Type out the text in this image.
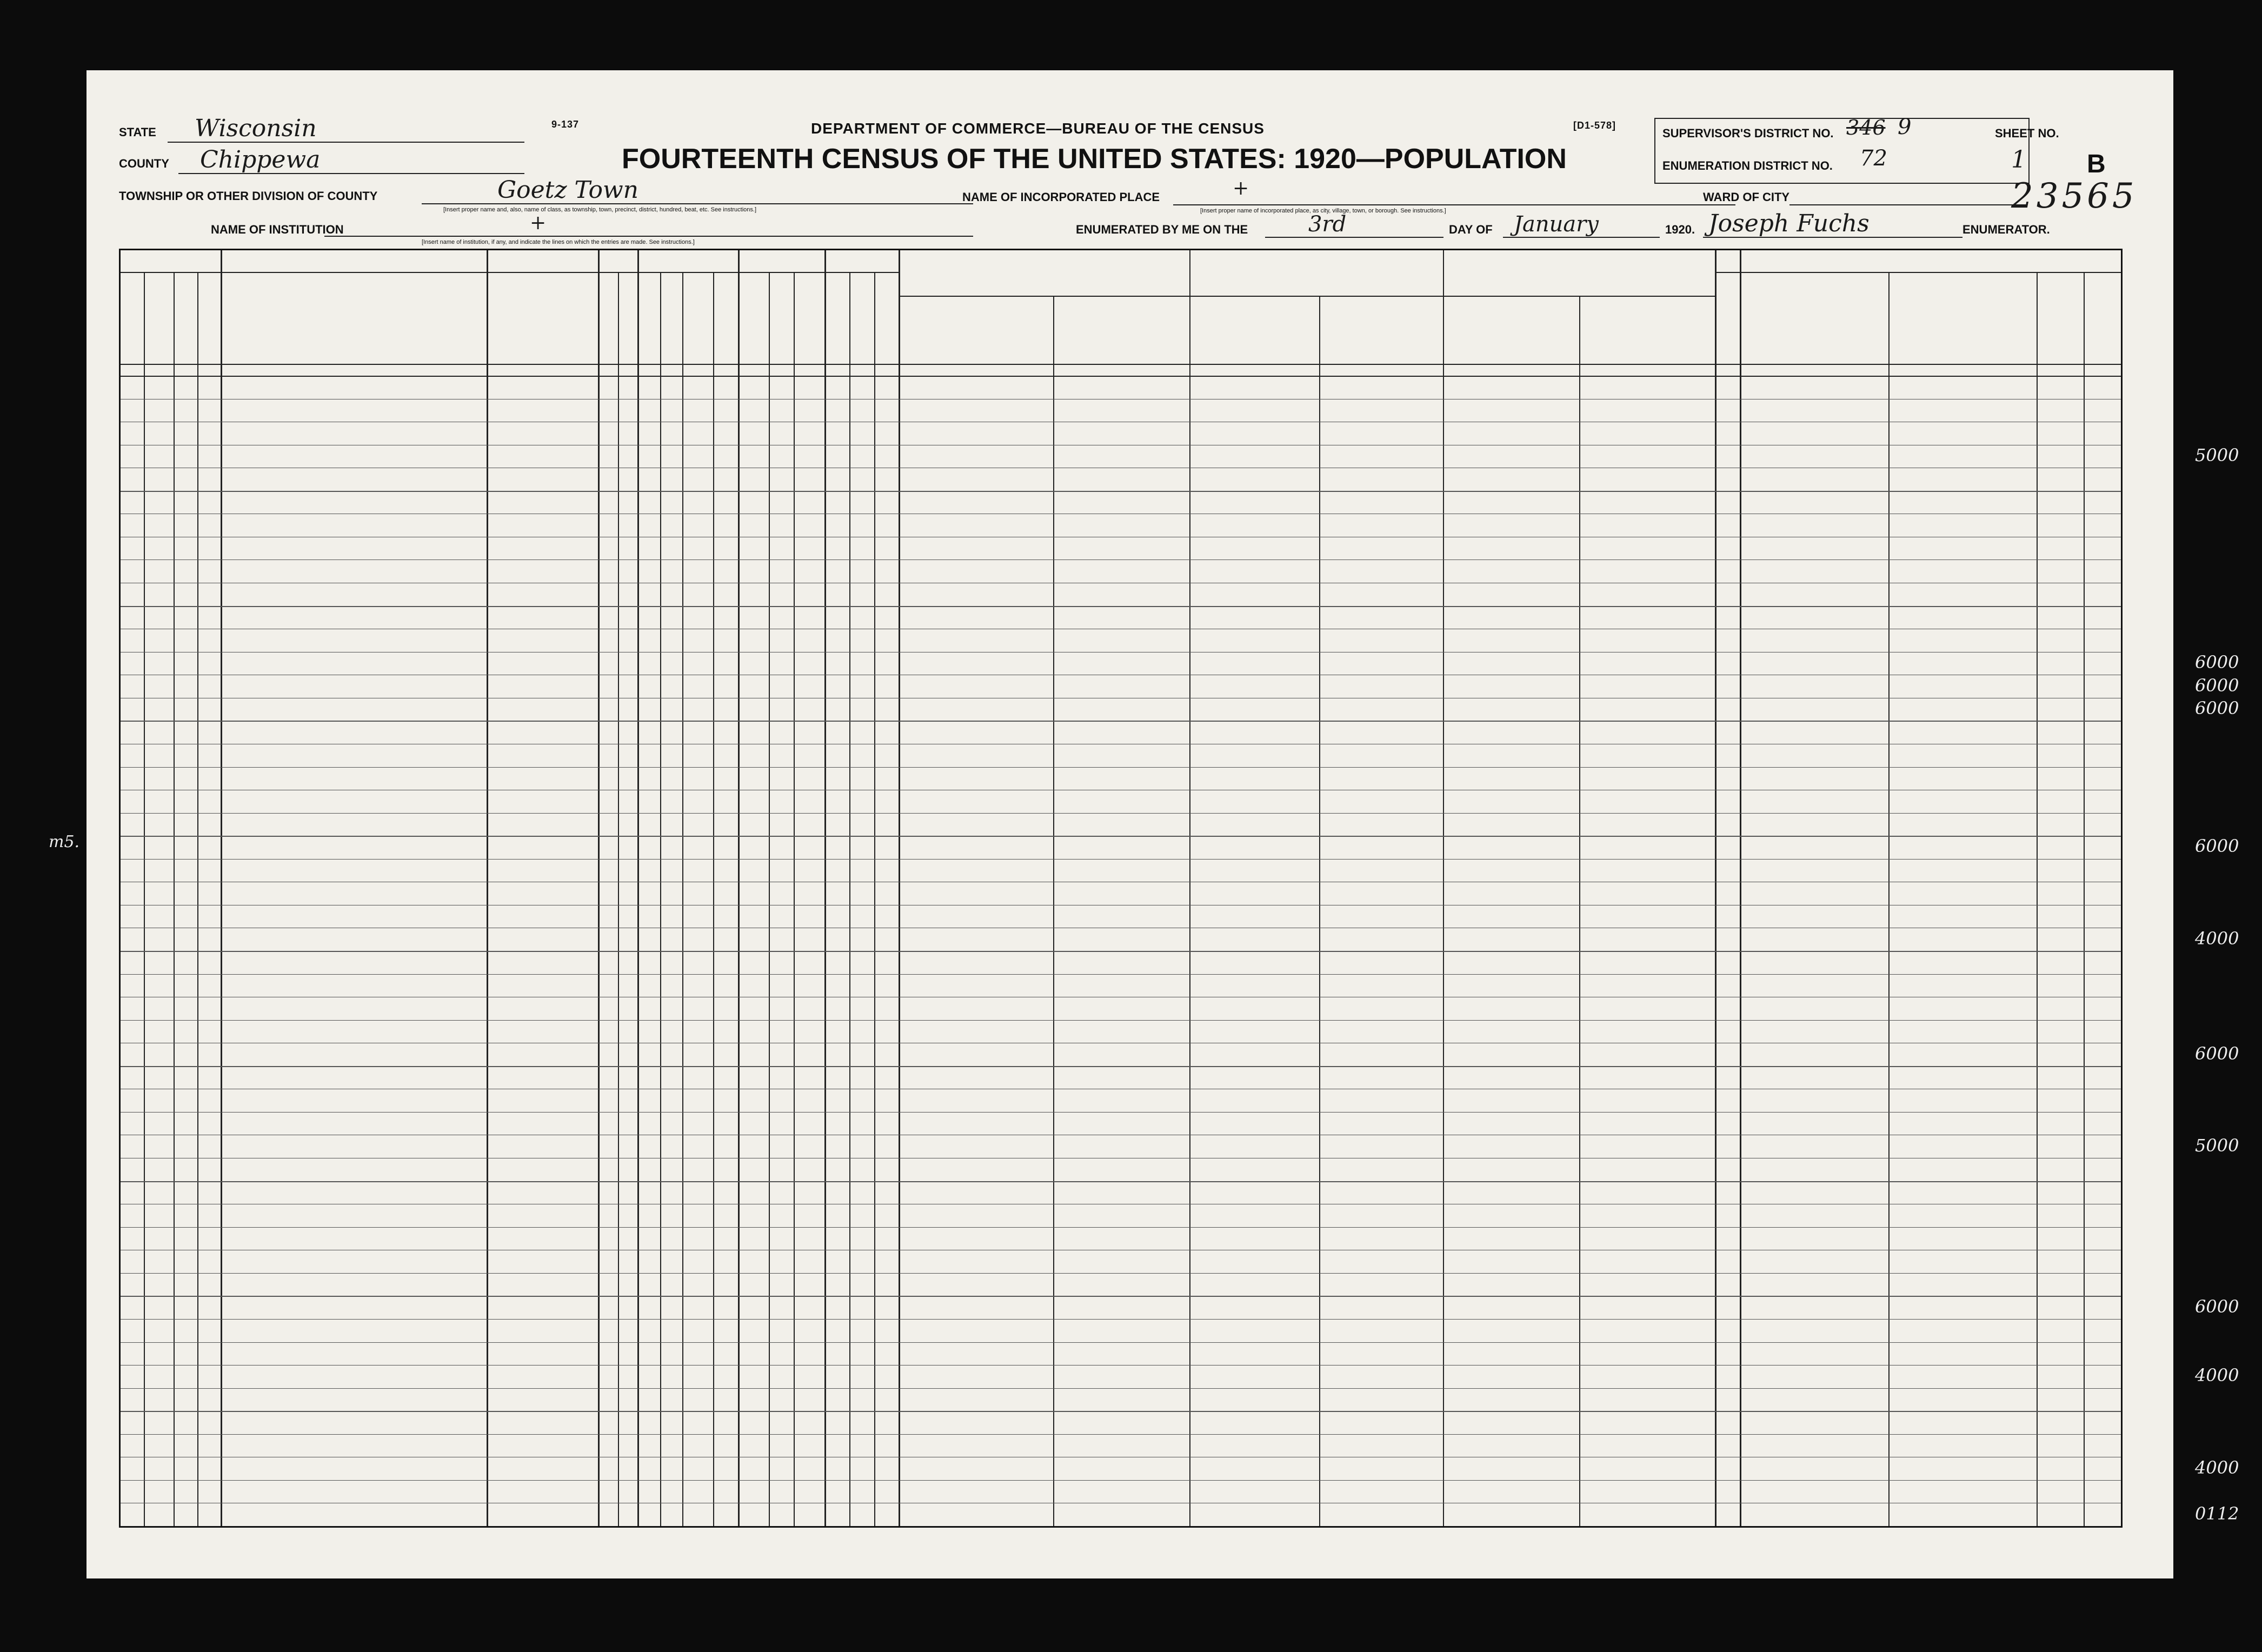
STATE Wisconsin	9-137
COUNTY Chippewa
TOWNSHIP OR OTHER DIVISION OF COUNTY	Goetz Town
[Insert proper name and, also, name of class, as township, town, precinct, district, hundred, beat, etc. See instructions.]
NAME OF INSTITUTION	+
[Insert name of institution, if any, and indicate the lines on which the entries are made. See instructions.]
DEPARTMENT OF COMMERCE—BUREAU OF THE CENSUS
FOURTEENTH CENSUS OF THE UNITED STATES: 1920—POPULATION
[D1-578]
NAME OF INCORPORATED PLACE	+
[Insert proper name of incorporated place, as city, village, town, or borough. See instructions.]
ENUMERATED BY ME ON THE	3rd	DAY OF January	1920. Joseph Fuchs	ENUMERATOR.
SUPERVISOR'S DISTRICT NO. 346 9
ENUMERATION DISTRICT NO. 72
SHEET NO.
1 B
WARD OF CITY	23565
m5.
5000
6000
6000
6000
6000
4000
6000
5000
6000
4000
4000
0112
